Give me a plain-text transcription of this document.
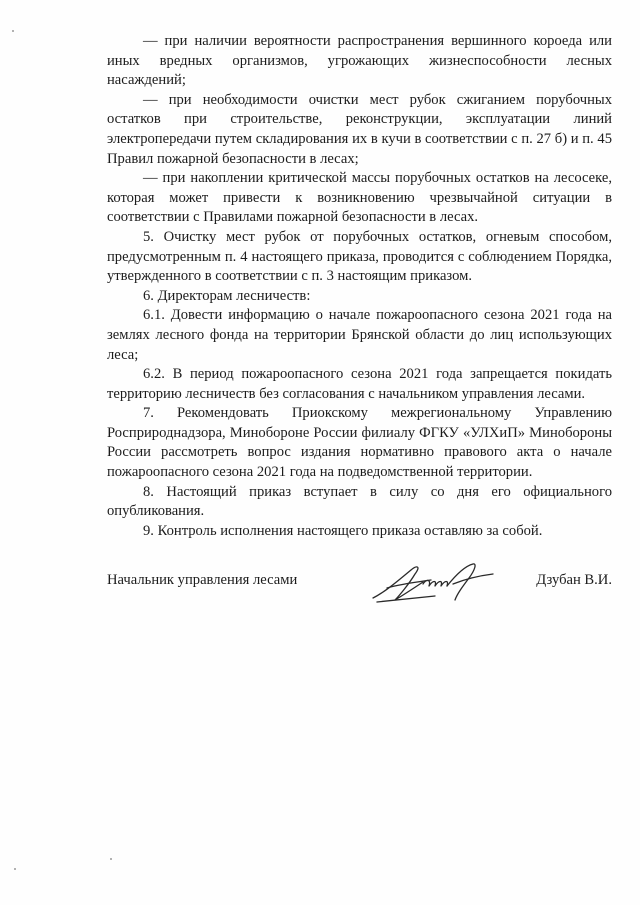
— при наличии вероятности распространения вершинного короеда или иных вредных организмов, угрожающих жизнеспособности лесных насаждений;

— при необходимости очистки мест рубок сжиганием порубочных остатков при строительстве, реконструкции, эксплуатации линий электропередачи путем складирования их в кучи в соответствии с п. 27 б) и п. 45 Правил пожарной безопасности в лесах;

— при накоплении критической массы порубочных остатков на лесосеке, которая может привести к возникновению чрезвычайной ситуации в соответствии с Правилами пожарной безопасности в лесах.

5. Очистку мест рубок от порубочных остатков, огневым способом, предусмотренным п. 4 настоящего приказа, проводится с соблюдением Порядка, утвержденного в соответствии с п. 3 настоящим приказом.

6. Директорам лесничеств:

6.1. Довести информацию о начале пожароопасного сезона 2021 года на землях лесного фонда на территории Брянской области до лиц использующих леса;

6.2. В период пожароопасного сезона 2021 года запрещается покидать территорию лесничеств без согласования с начальником управления лесами.

7. Рекомендовать Приокскому межрегиональному Управлению Росприроднадзора, Минобороне России филиалу ФГКУ «УЛХиП» Минобороны России рассмотреть вопрос издания нормативно правового акта о начале пожароопасного сезона 2021 года на подведомственной территории.

8. Настоящий приказ вступает в силу со дня его официального опубликования.

9. Контроль исполнения настоящего приказа оставляю за собой.

Начальник управления лесами	Дзубан В.И.
